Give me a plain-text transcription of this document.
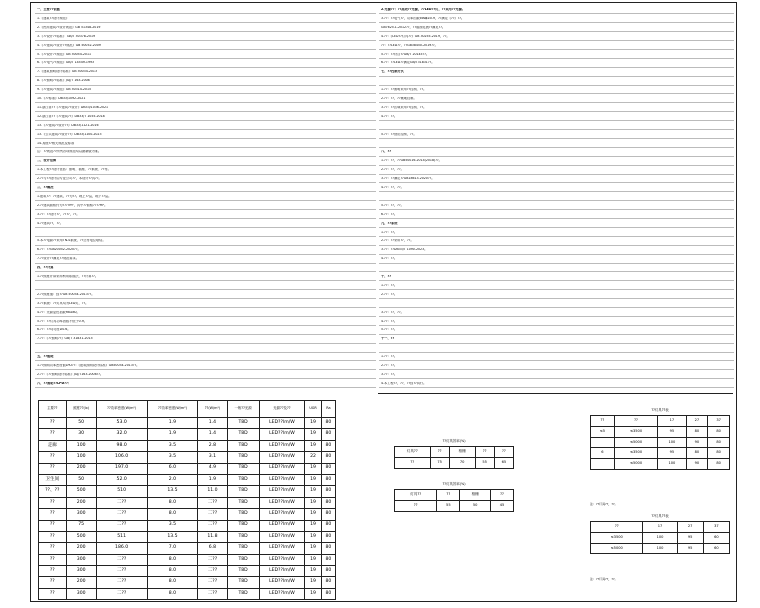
一、主要??依据
1.《建筑??设计规范》
2.《民用建筑??设计规范》GB 51348-2019
3.《??设计??标准》 GB/T 50378-2019
4.《??建筑??设计??规范》GB 50052-2009
5.《??设计??规范》GB 50054-2011
6.《??电气??规范》GB/T 14549-1993
7.《建筑照明设计标准》GB 50034-2013
8.《??照明??标准》JGJ/T 163-2008
9.《??建筑??规范》GB 50314-2015
10.《??标准》DB33/1092-2021
11.浙江省??《??建筑??设计》DB33/1036-2021
12.浙江省??《??建筑??》DB33/T 1055-2018
13.《??建筑??设计??》DB33/1121-2016
13.《公共建筑??设计??》DB33/1100-2023
14.其他??相关规范及标准
注：??规范??所列各项规范均以最新版为准。
二、设计范围
1.本工程??设计包括：照明、插座、??系统、??等。
2.??与??设计由专业公司??，本设计??其??。
三、??概况
1.建筑??：??建筑，??为??。地上??层，地下??层。
2.??建筑面积约为????m²，其中??面积????m²。
3.??：??设计??，????，??。
4.??建筑??，??。
5.本??电源??采用TN-S系统，??总等电位联结。
6.??：??GB20052-2020??。
7.??设计??满足??规范要求。
四、??计算
1.??照度计算采用利用系数法，??计算??。
2.??照度值：按??GB 50034-2013??。
3.??系统：??灯具均为LED灯，??。
4.??：光源显色指数Ra≥80。
5.??：??灯具功率因数不低于0.9。
6.??：??均匀度≥0.6。
7.??：《??照明??》GB/T 31831-2015
五、??能耗
1.??照明功率密度值LPD??：《建筑照明设计标准》GB50034-2013??。
2.??：《??照明设计标准》JGJ/T163-2008??。
六、??照明??LPD??：
2.光源??：??高效??光源，??LED??灯，??采用??光源。
3.??：??电气??，功率因数cosφ≥0.9，??满足《??》??。
GB7625.1-2012??，??谐波电流??满足??。
4.??：《LED??灯具??》GB 30255-2019，??。
??：??LED??，??GB38450-2019??。
5.??：??符合??GB/T 20145??。
6.??：??LED??满足GB/T31831??。
七、??控制方式
1.??：??照明采用??控制，??。
2.??：??，??就地控制。
3.??：??区域采用??控制，??。
4.??：??。
5.??：??感应控制，??。
八、??
1.??：??，??GB50016-2014(2018)??。
2.??：??，??。
3.??：??满足??GB18613-2020??。
4.??：??，??。
5.??：??，??。
6.??：??。
九、??系统
1.??：??。
2.??：??采用??，??。
3.??：??DB33/T 1090-2023。
4.??：??。
十、??
1.??：??。
2.??：??。
3.??：??，??。
4.??：??。
5.??：??。
十一、??
1.??：??。
2.??：??。
3.??：??。
4.本工程??，??，??按??执行。
主要??	照度??(lx)	??功率密度(W/m²)	??功率密度(W/m²)	??(W/m²)	一般??光源	光源??及??	UGR	Ra
??	50	53.0	1.9	1.4	T8D	LED??lm/W	19	80
??	30	32.0	1.9	1.4	T8D	LED??lm/W	19	80
走廊	100	98.0	3.5	2.8	T8D	LED??lm/W	19	80
??	100	106.0	3.5	3.1	T8D	LED??lm/W	22	80
??	200	197.0	6.0	4.9	T8D	LED??lm/W	19	80
卫生间	50	52.0	2.0	1.9	T8D	LED??lm/W	19	80
??、??	500	510	13.5	11.0	T8D	LED??lm/W	19	80
??	200	二??	8.0	二??	T8D	LED??lm/W	19	80
??	300	二??	8.0	二??	T8D	LED??lm/W	19	80
??	75	二??	3.5	二??	T8D	LED??lm/W	19	80
??	500	511	13.5	11.8	T8D	LED??lm/W	19	80
??	200	186.0	7.0	6.8	T8D	LED??lm/W	19	80
??	300	二??	8.0	二??	T8D	LED??lm/W	19	80
??	300	二??	8.0	二??	T8D	LED??lm/W	19	80
??	200	二??	8.0	二??	T8D	LED??lm/W	19	80
??	300	二??	8.0	二??	T8D	LED??lm/W	19	80
??灯具效率(%)
灯具??	??	格栅	??	??
??	75	70	55	65
??灯具效率(%)
灯具??	??	格栅	??
??	55	50	45
??灯具??表
??	??	17	27	37
≤5	≤3500	95	80	80
	≤5000	100	90	80
6	≤3500	95	80	80
	≤5000	100	90	80
注：??灯具??，??。
??灯具??表
??	17	27	37
≤3500	100	95	60
≤5000	100	95	60
注：??灯具??，??。
